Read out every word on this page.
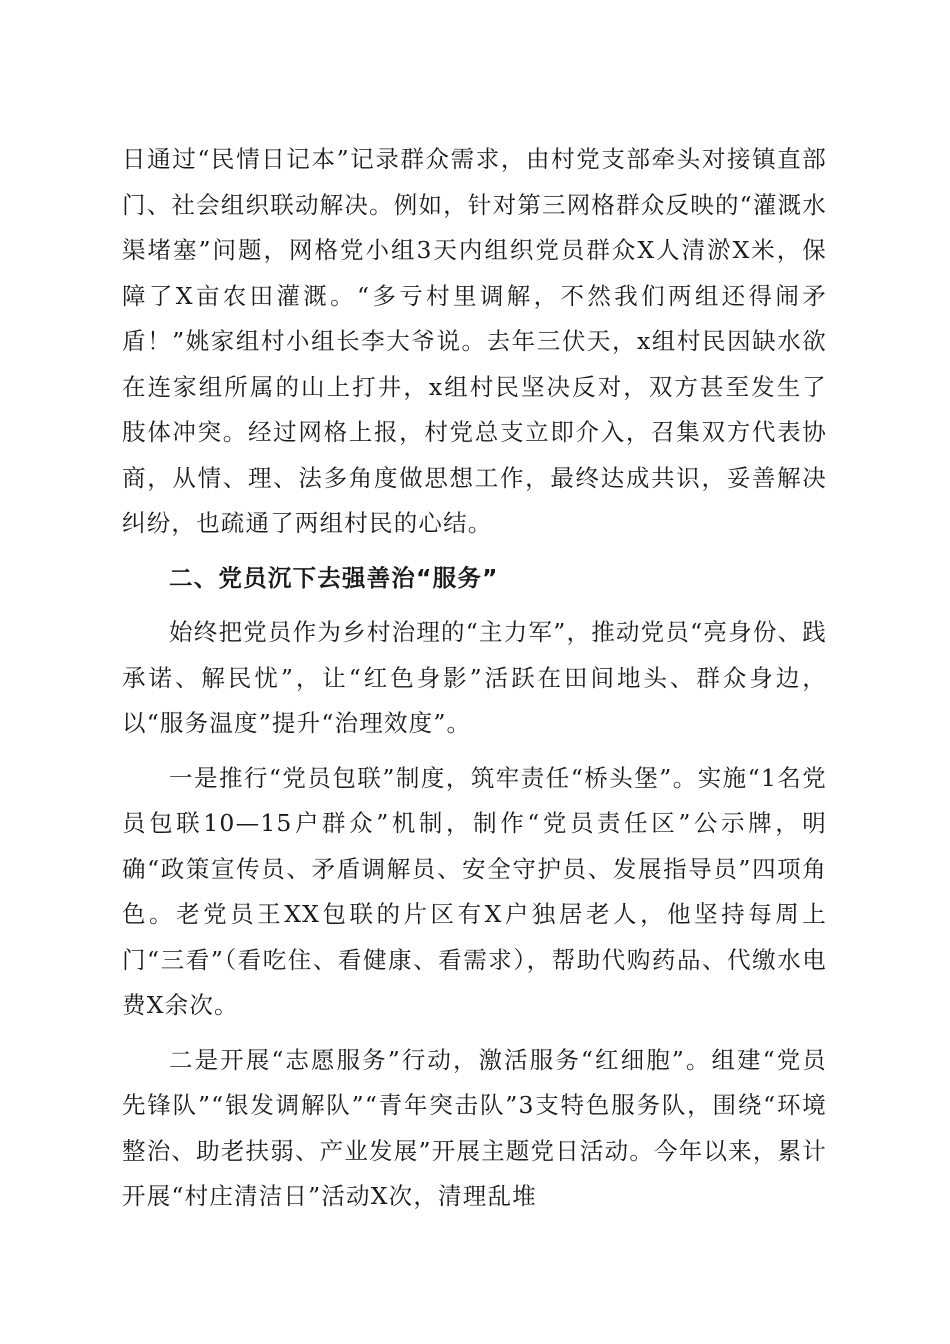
日通过“民情日记本”记录群众需求，由村党支部牵头对接镇直部门、社会组织联动解决。例如，针对第三网格群众反映的“灌溉水渠堵塞”问题，网格党小组3天内组织党员群众X人清淤X米，保障了X亩农田灌溉。“多亏村里调解，不然我们两组还得闹矛盾！”姚家组村小组长李大爷说。去年三伏天，x组村民因缺水欲在连家组所属的山上打井，x组村民坚决反对，双方甚至发生了肢体冲突。经过网格上报，村党总支立即介入，召集双方代表协商，从情、理、法多角度做思想工作，最终达成共识，妥善解决纠纷，也疏通了两组村民的心结。

二、党员沉下去强善治“服务”

始终把党员作为乡村治理的“主力军”，推动党员“亮身份、践承诺、解民忧”，让“红色身影”活跃在田间地头、群众身边，以“服务温度”提升“治理效度”。

一是推行“党员包联”制度，筑牢责任“桥头堡”。实施“1名党员包联10—15户群众”机制，制作“党员责任区”公示牌，明确“政策宣传员、矛盾调解员、安全守护员、发展指导员”四项角色。老党员王XX包联的片区有X户独居老人，他坚持每周上门“三看”（看吃住、看健康、看需求），帮助代购药品、代缴水电费X余次。

二是开展“志愿服务”行动，激活服务“红细胞”。组建“党员先锋队”“银发调解队”“青年突击队”3支特色服务队，围绕“环境整治、助老扶弱、产业发展”开展主题党日活动。今年以来，累计开展“村庄清洁日”活动X次，清理乱堆
